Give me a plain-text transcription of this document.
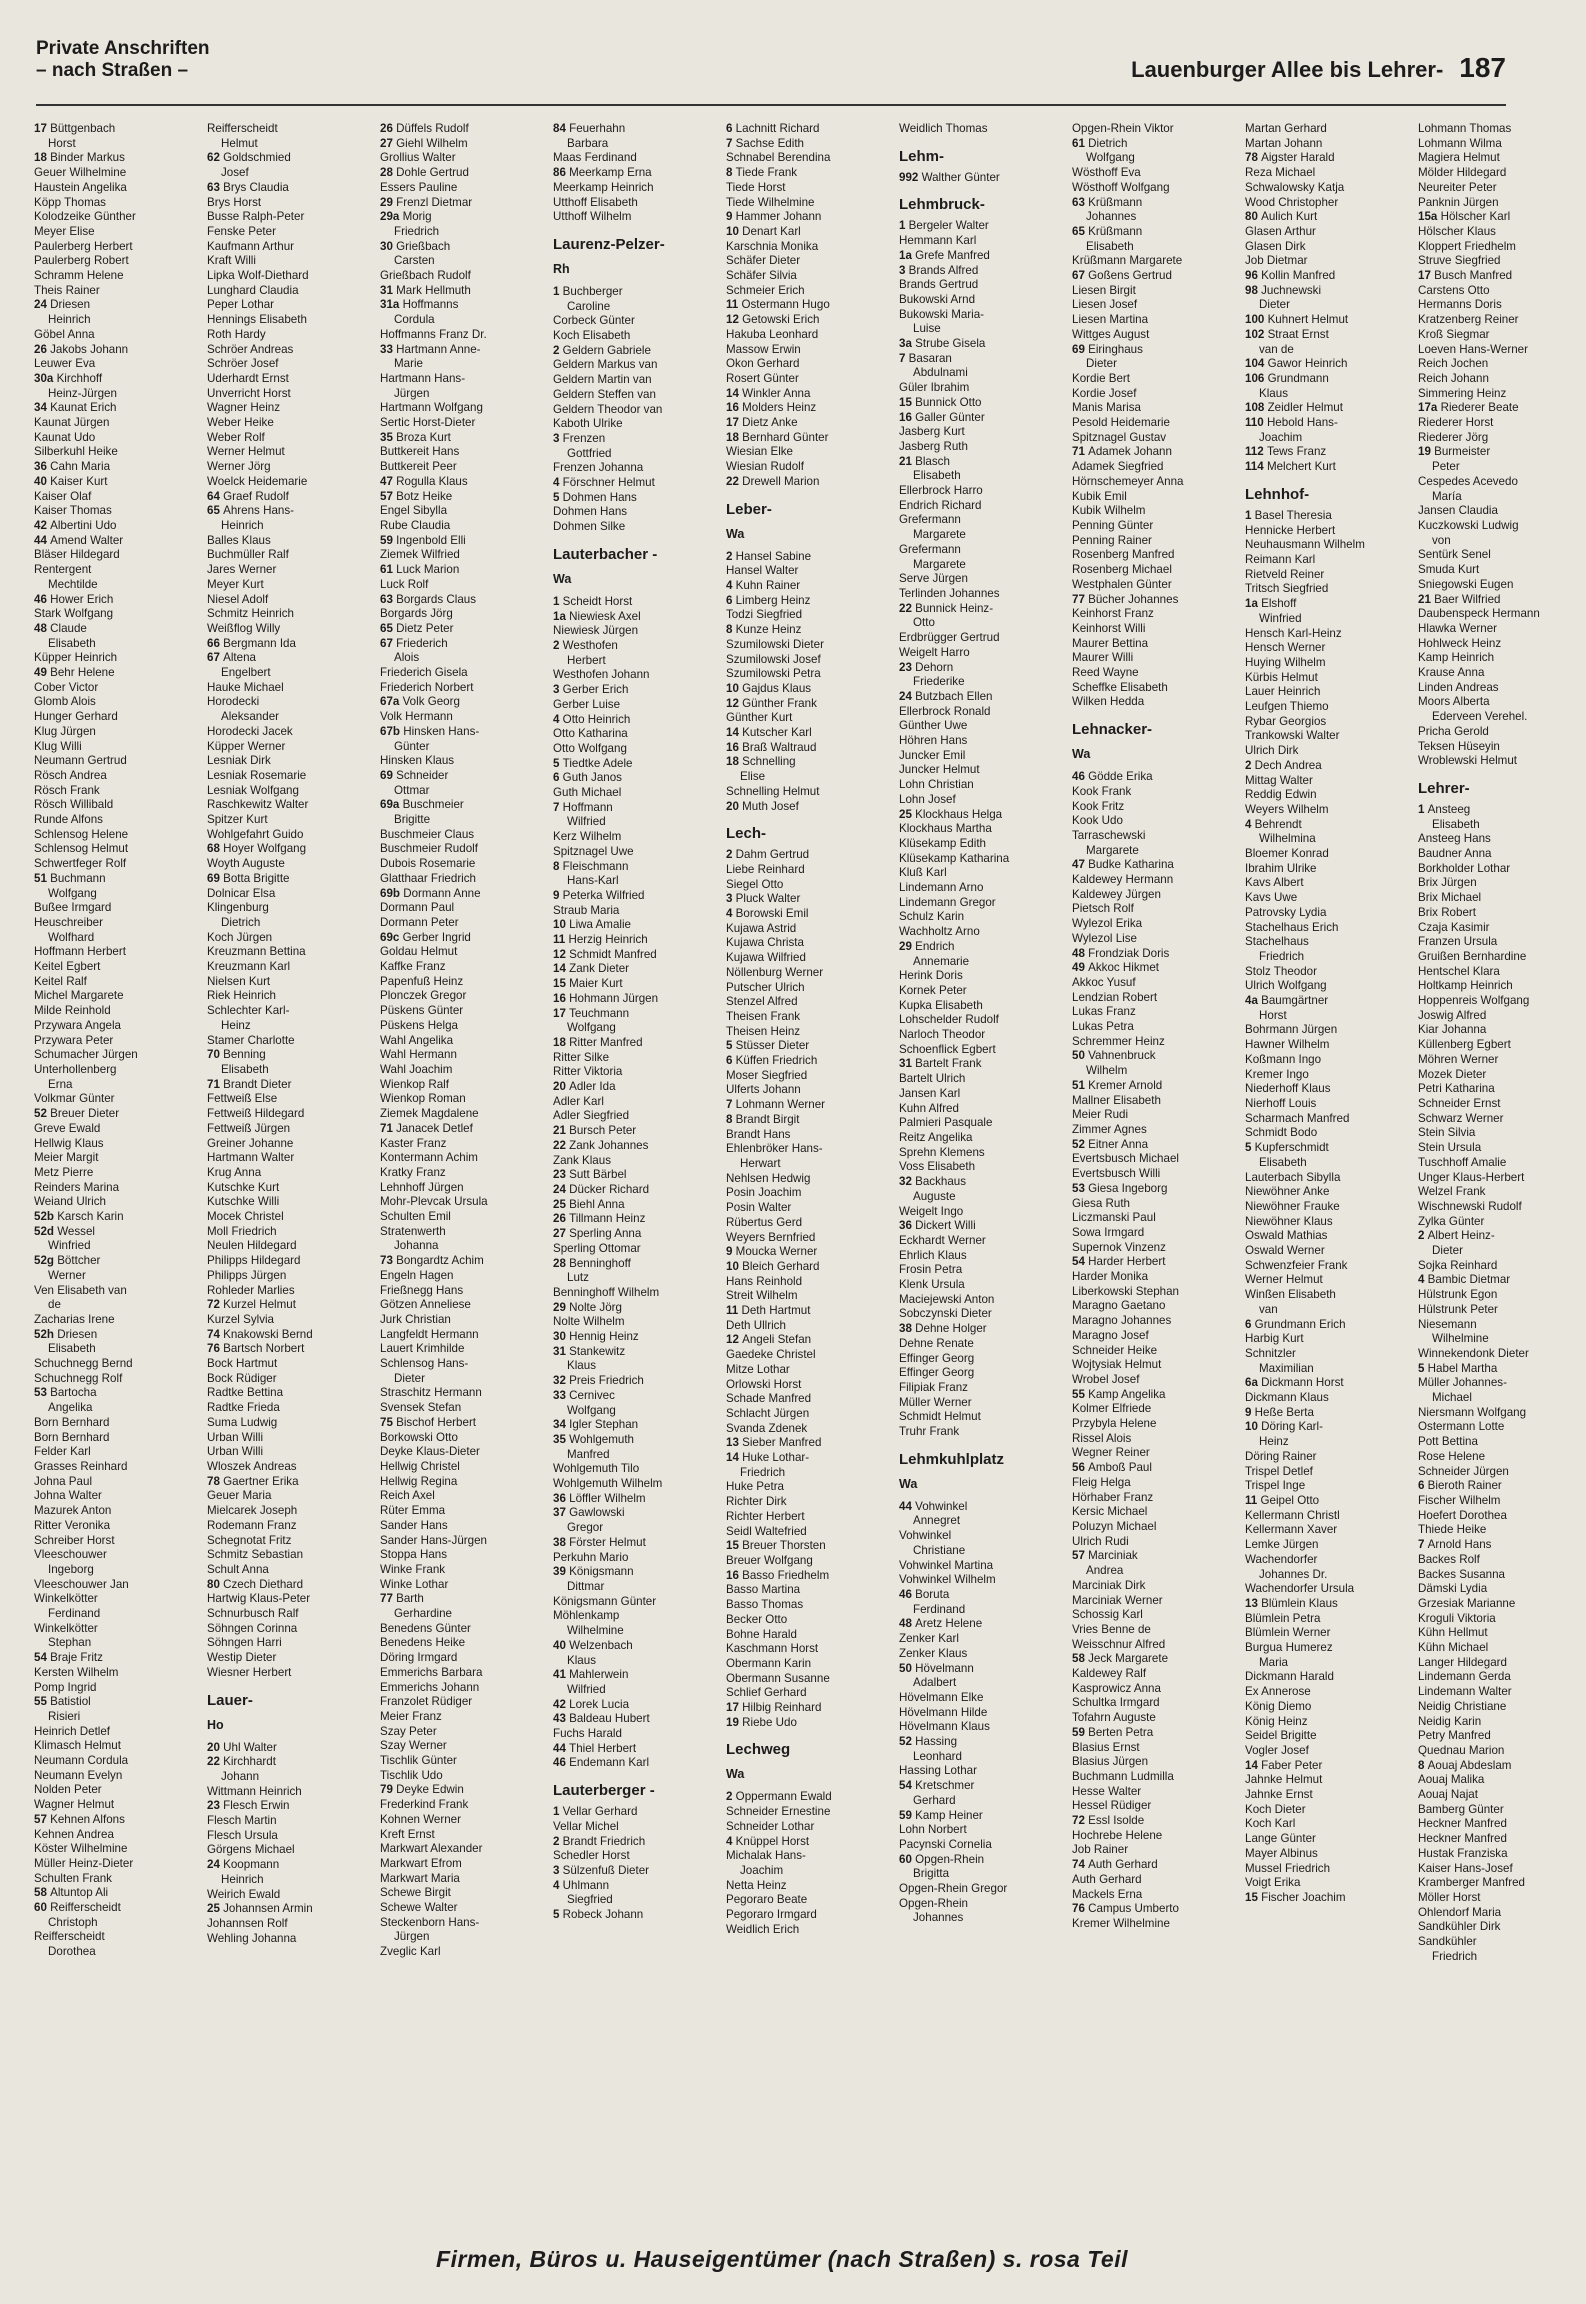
Private Anschriften
– nach Straßen –	Lauenburger Allee bis Lehrer- 187
17 Büttgenbach
Horst
18 Binder Markus
Geuer Wilhelmine
Haustein Angelika
Köpp Thomas
Kolodzeike Günther
Meyer Elise
Paulerberg Herbert
Paulerberg Robert
Schramm Helene
Theis Rainer
24 Driesen
Heinrich
Göbel Anna
26 Jakobs Johann
Leuwer Eva
30a Kirchhoff
Heinz-Jürgen
34 Kaunat Erich
Kaunat Jürgen
Kaunat Udo
Silberkuhl Heike
36 Cahn Maria
40 Kaiser Kurt
Kaiser Olaf
Kaiser Thomas
42 Albertini Udo
44 Amend Walter
Bläser Hildegard
Rentergent
Mechtilde
46 Hower Erich
Stark Wolfgang
48 Claude
Elisabeth
Küpper Heinrich
49 Behr Helene
Cober Victor
Glomb Alois
Hunger Gerhard
Klug Jürgen
Klug Willi
Neumann Gertrud
Rösch Andrea
Rösch Frank
Rösch Willibald
Runde Alfons
Schlensog Helene
Schlensog Helmut
Schwertfeger Rolf
51 Buchmann
Wolfgang
Bußee Irmgard
Heuschreiber
Wolfhard
Hoffmann Herbert
Keitel Egbert
Keitel Ralf
Michel Margarete
Milde Reinhold
Przywara Angela
Przywara Peter
Schumacher Jürgen
Unterhollenberg
Erna
Volkmar Günter
52 Breuer Dieter
Greve Ewald
Hellwig Klaus
Meier Margit
Metz Pierre
Reinders Marina
Weiand Ulrich
52b Karsch Karin
52d Wessel
Winfried
52g Böttcher
Werner
Ven Elisabeth van
de
Zacharias Irene
52h Driesen
Elisabeth
Schuchnegg Bernd
Schuchnegg Rolf
53 Bartocha
Angelika
Born Bernhard
Born Bernhard
Felder Karl
Grasses Reinhard
Johna Paul
Johna Walter
Mazurek Anton
Ritter Veronika
Schreiber Horst
Vleeschouwer
Ingeborg
Vleeschouwer Jan
Winkelkötter
Ferdinand
Winkelkötter
Stephan
54 Braje Fritz
Kersten Wilhelm
Pomp Ingrid
55 Batistiol
Risieri
Heinrich Detlef
Klimasch Helmut
Neumann Cordula
Neumann Evelyn
Nolden Peter
Wagner Helmut
57 Kehnen Alfons
Kehnen Andrea
Köster Wilhelmine
Müller Heinz-Dieter
Schulten Frank
58 Altuntop Ali
60 Reifferscheidt
Christoph
Reifferscheidt
Dorothea
Reifferscheidt
Helmut
62 Goldschmied
Josef
63 Brys Claudia
Brys Horst
Busse Ralph-Peter
Fenske Peter
Kaufmann Arthur
Kraft Willi
Lipka Wolf-Diethard
Lunghard Claudia
Peper Lothar
Hennings Elisabeth
Roth Hardy
Schröer Andreas
Schröer Josef
Uderhardt Ernst
Unverricht Horst
Wagner Heinz
Weber Heike
Weber Rolf
Werner Helmut
Werner Jörg
Woelck Heidemarie
64 Graef Rudolf
65 Ahrens Hans-
Heinrich
Balles Klaus
Buchmüller Ralf
Jares Werner
Meyer Kurt
Niesel Adolf
Schmitz Heinrich
Weißflog Willy
66 Bergmann Ida
67 Altena
Engelbert
Hauke Michael
Horodecki
Aleksander
Horodecki Jacek
Küpper Werner
Lesniak Dirk
Lesniak Rosemarie
Lesniak Wolfgang
Raschkewitz Walter
Spitzer Kurt
Wohlgefahrt Guido
68 Hoyer Wolfgang
Woyth Auguste
69 Botta Brigitte
Dolnicar Elsa
Klingenburg
Dietrich
Koch Jürgen
Kreuzmann Bettina
Kreuzmann Karl
Nielsen Kurt
Riek Heinrich
Schlechter Karl-
Heinz
Stamer Charlotte
70 Benning
Elisabeth
71 Brandt Dieter
Fettweiß Else
Fettweiß Hildegard
Fettweiß Jürgen
Greiner Johanne
Hartmann Walter
Krug Anna
Kutschke Kurt
Kutschke Willi
Mocek Christel
Moll Friedrich
Neulen Hildegard
Philipps Hildegard
Philipps Jürgen
Rohleder Marlies
72 Kurzel Helmut
Kurzel Sylvia
74 Knakowski Bernd
76 Bartsch Norbert
Bock Hartmut
Bock Rüdiger
Radtke Bettina
Radtke Frieda
Suma Ludwig
Urban Willi
Urban Willi
Wloszek Andreas
78 Gaertner Erika
Geuer Maria
Mielcarek Joseph
Rodemann Franz
Schegnotat Fritz
Schmitz Sebastian
Schult Anna
80 Czech Diethard
Hartwig Klaus-Peter
Schnurbusch Ralf
Söhngen Corinna
Söhngen Harri
Westip Dieter
Wiesner Herbert
Lauer-
Ho
20 Uhl Walter
22 Kirchhardt
Johann
Wittmann Heinrich
23 Flesch Erwin
Flesch Martin
Flesch Ursula
Görgens Michael
24 Koopmann
Heinrich
Weirich Ewald
25 Johannsen Armin
Johannsen Rolf
Wehling Johanna
26 Düffels Rudolf
27 Giehl Wilhelm
Grollius Walter
28 Dohle Gertrud
Essers Pauline
29 Frenzl Dietmar
29a Morig
Friedrich
30 Grießbach
Carsten
Grießbach Rudolf
31 Mark Hellmuth
31a Hoffmanns
Cordula
Hoffmanns Franz Dr.
33 Hartmann Anne-
Marie
Hartmann Hans-
Jürgen
Hartmann Wolfgang
Sertic Horst-Dieter
35 Broza Kurt
Buttkereit Hans
Buttkereit Peer
47 Rogulla Klaus
57 Botz Heike
Engel Sibylla
Rube Claudia
59 Ingenbold Elli
Ziemek Wilfried
61 Luck Marion
Luck Rolf
63 Borgards Claus
Borgards Jörg
65 Dietz Peter
67 Friederich
Alois
Friederich Gisela
Friederich Norbert
67a Volk Georg
Volk Hermann
67b Hinsken Hans-
Günter
Hinsken Klaus
69 Schneider
Ottmar
69a Buschmeier
Brigitte
Buschmeier Claus
Buschmeier Rudolf
Dubois Rosemarie
Glatthaar Friedrich
69b Dormann Anne
Dormann Paul
Dormann Peter
69c Gerber Ingrid
Goldau Helmut
Kaffke Franz
Papenfuß Heinz
Plonczek Gregor
Püskens Günter
Püskens Helga
Wahl Angelika
Wahl Hermann
Wahl Joachim
Wienkop Ralf
Wienkop Roman
Ziemek Magdalene
71 Janacek Detlef
Kaster Franz
Kontermann Achim
Kratky Franz
Lehnhoff Jürgen
Mohr-Plevcak Ursula
Schulten Emil
Stratenwerth
Johanna
73 Bongardtz Achim
Engeln Hagen
Frießnegg Hans
Götzen Anneliese
Jurk Christian
Langfeldt Hermann
Lauert Krimhilde
Schlensog Hans-
Dieter
Straschitz Hermann
Svensek Stefan
75 Bischof Herbert
Borkowski Otto
Deyke Klaus-Dieter
Hellwig Christel
Hellwig Regina
Reich Axel
Rüter Emma
Sander Hans
Sander Hans-Jürgen
Stoppa Hans
Winke Frank
Winke Lothar
77 Barth
Gerhardine
Benedens Günter
Benedens Heike
Döring Irmgard
Emmerichs Barbara
Emmerichs Johann
Franzolet Rüdiger
Meier Franz
Szay Peter
Szay Werner
Tischlik Günter
Tischlik Udo
79 Deyke Edwin
Frederkind Frank
Kohnen Werner
Kreft Ernst
Markwart Alexander
Markwart Efrom
Markwart Maria
Schewe Birgit
Schewe Walter
Steckenborn Hans-
Jürgen
Zveglic Karl
84 Feuerhahn
Barbara
Maas Ferdinand
86 Meerkamp Erna
Meerkamp Heinrich
Utthoff Elisabeth
Utthoff Wilhelm
Laurenz-Pelzer-
Rh
1 Buchberger
Caroline
Corbeck Günter
Koch Elisabeth
2 Geldern Gabriele
Geldern Markus van
Geldern Martin van
Geldern Steffen van
Geldern Theodor van
Kaboth Ulrike
3 Frenzen
Gottfried
Frenzen Johanna
4 Förschner Helmut
5 Dohmen Hans
Dohmen Hans
Dohmen Silke
Lauterbacher -
Wa
1 Scheidt Horst
1a Niewiesk Axel
Niewiesk Jürgen
2 Westhofen
Herbert
Westhofen Johann
3 Gerber Erich
Gerber Luise
4 Otto Heinrich
Otto Katharina
Otto Wolfgang
5 Tiedtke Adele
6 Guth Janos
Guth Michael
7 Hoffmann
Wilfried
Kerz Wilhelm
Spitznagel Uwe
8 Fleischmann
Hans-Karl
9 Peterka Wilfried
Straub Maria
10 Liwa Amalie
11 Herzig Heinrich
12 Schmidt Manfred
14 Zank Dieter
15 Maier Kurt
16 Hohmann Jürgen
17 Teuchmann
Wolfgang
18 Ritter Manfred
Ritter Silke
Ritter Viktoria
20 Adler Ida
Adler Karl
Adler Siegfried
21 Bursch Peter
22 Zank Johannes
Zank Klaus
23 Sutt Bärbel
24 Dücker Richard
25 Biehl Anna
26 Tillmann Heinz
27 Sperling Anna
Sperling Ottomar
28 Benninghoff
Lutz
Benninghoff Wilhelm
29 Nolte Jörg
Nolte Wilhelm
30 Hennig Heinz
31 Stankewitz
Klaus
32 Preis Friedrich
33 Cernivec
Wolfgang
34 Igler Stephan
35 Wohlgemuth
Manfred
Wohlgemuth Tilo
Wohlgemuth Wilhelm
36 Löffler Wilhelm
37 Gawlowski
Gregor
38 Förster Helmut
Perkuhn Mario
39 Königsmann
Dittmar
Königsmann Günter
Möhlenkamp
Wilhelmine
40 Welzenbach
Klaus
41 Mahlerwein
Wilfried
42 Lorek Lucia
43 Baldeau Hubert
Fuchs Harald
44 Thiel Herbert
46 Endemann Karl
Lauterberger -
1 Vellar Gerhard
Vellar Michel
2 Brandt Friedrich
Schedler Horst
3 Sülzenfuß Dieter
4 Uhlmann
Siegfried
5 Robeck Johann
6 Lachnitt Richard
7 Sachse Edith
Schnabel Berendina
8 Tiede Frank
Tiede Horst
Tiede Wilhelmine
9 Hammer Johann
10 Denart Karl
Karschnia Monika
Schäfer Dieter
Schäfer Silvia
Schmeier Erich
11 Ostermann Hugo
12 Getowski Erich
Hakuba Leonhard
Massow Erwin
Okon Gerhard
Rosert Günter
14 Winkler Anna
16 Molders Heinz
17 Dietz Anke
18 Bernhard Günter
Wiesian Elke
Wiesian Rudolf
22 Drewell Marion
Leber-
Wa
2 Hansel Sabine
Hansel Walter
4 Kuhn Rainer
6 Limberg Heinz
Todzi Siegfried
8 Kunze Heinz
Szumilowski Dieter
Szumilowski Josef
Szumilowski Petra
10 Gajdus Klaus
12 Günther Frank
Günther Kurt
14 Kutscher Karl
16 Braß Waltraud
18 Schnelling
Elise
Schnelling Helmut
20 Muth Josef
Lech-
2 Dahm Gertrud
Liebe Reinhard
Siegel Otto
3 Pluck Walter
4 Borowski Emil
Kujawa Astrid
Kujawa Christa
Kujawa Wilfried
Nöllenburg Werner
Putscher Ulrich
Stenzel Alfred
Theisen Frank
Theisen Heinz
5 Stüsser Dieter
6 Küffen Friedrich
Moser Siegfried
Ulferts Johann
7 Lohmann Werner
8 Brandt Birgit
Brandt Hans
Ehlenbröker Hans-
Herwart
Nehlsen Hedwig
Posin Joachim
Posin Walter
Rübertus Gerd
Weyers Bernfried
9 Moucka Werner
10 Bleich Gerhard
Hans Reinhold
Streit Wilhelm
11 Deth Hartmut
Deth Ullrich
12 Angeli Stefan
Gaedeke Christel
Mitze Lothar
Orlowski Horst
Schade Manfred
Schlacht Jürgen
Svanda Zdenek
13 Sieber Manfred
14 Huke Lothar-
Friedrich
Huke Petra
Richter Dirk
Richter Herbert
Seidl Waltefried
15 Breuer Thorsten
Breuer Wolfgang
16 Basso Friedhelm
Basso Martina
Basso Thomas
Becker Otto
Bohne Harald
Kaschmann Horst
Obermann Karin
Obermann Susanne
Schlief Gerhard
17 Hilbig Reinhard
19 Riebe Udo
Lechweg
Wa
2 Oppermann Ewald
Schneider Ernestine
Schneider Lothar
4 Knüppel Horst
Michalak Hans-
Joachim
Netta Heinz
Pegoraro Beate
Pegoraro Irmgard
Weidlich Erich
Weidlich Thomas
Lehm-
992 Walther Günter
Lehmbruck-
1 Bergeler Walter
Hemmann Karl
1a Grefe Manfred
3 Brands Alfred
Brands Gertrud
Bukowski Arnd
Bukowski Maria-
Luise
3a Strube Gisela
7 Basaran
Abdulnami
Güler Ibrahim
15 Bunnick Otto
16 Galler Günter
Jasberg Kurt
Jasberg Ruth
21 Blasch
Elisabeth
Ellerbrock Harro
Endrich Richard
Grefermann
Margarete
Grefermann
Margarete
Serve Jürgen
Terlinden Johannes
22 Bunnick Heinz-
Otto
Erdbrügger Gertrud
Weigelt Harro
23 Dehorn
Friederike
24 Butzbach Ellen
Ellerbrock Ronald
Günther Uwe
Höhren Hans
Juncker Emil
Juncker Helmut
Lohn Christian
Lohn Josef
25 Klockhaus Helga
Klockhaus Martha
Klüsekamp Edith
Klüsekamp Katharina
Kluß Karl
Lindemann Arno
Lindemann Gregor
Schulz Karin
Wachholtz Arno
29 Endrich
Annemarie
Herink Doris
Kornek Peter
Kupka Elisabeth
Lohschelder Rudolf
Narloch Theodor
Schoenflick Egbert
31 Bartelt Frank
Bartelt Ulrich
Jansen Karl
Kuhn Alfred
Palmieri Pasquale
Reitz Angelika
Sprehn Klemens
Voss Elisabeth
32 Backhaus
Auguste
Weigelt Ingo
36 Dickert Willi
Eckhardt Werner
Ehrlich Klaus
Frosin Petra
Klenk Ursula
Maciejewski Anton
Sobczynski Dieter
38 Dehne Holger
Dehne Renate
Effinger Georg
Effinger Georg
Filipiak Franz
Müller Werner
Schmidt Helmut
Truhr Frank
Lehmkuhlplatz
Wa
44 Vohwinkel
Annegret
Vohwinkel
Christiane
Vohwinkel Martina
Vohwinkel Wilhelm
46 Boruta
Ferdinand
48 Aretz Helene
Zenker Karl
Zenker Klaus
50 Hövelmann
Adalbert
Hövelmann Elke
Hövelmann Hilde
Hövelmann Klaus
52 Hassing
Leonhard
Hassing Lothar
54 Kretschmer
Gerhard
59 Kamp Heiner
Lohn Norbert
Pacynski Cornelia
60 Opgen-Rhein
Brigitta
Opgen-Rhein Gregor
Opgen-Rhein
Johannes
Opgen-Rhein Viktor
61 Dietrich
Wolfgang
Wösthoff Eva
Wösthoff Wolfgang
63 Krüßmann
Johannes
65 Krüßmann
Elisabeth
Krüßmann Margarete
67 Goßens Gertrud
Liesen Birgit
Liesen Josef
Liesen Martina
Wittges August
69 Eiringhaus
Dieter
Kordie Bert
Kordie Josef
Manis Marisa
Pesold Heidemarie
Spitznagel Gustav
71 Adamek Johann
Adamek Siegfried
Hörnschemeyer Anna
Kubik Emil
Kubik Wilhelm
Penning Günter
Penning Rainer
Rosenberg Manfred
Rosenberg Michael
Westphalen Günter
77 Bücher Johannes
Keinhorst Franz
Keinhorst Willi
Maurer Bettina
Maurer Willi
Reed Wayne
Scheffke Elisabeth
Wilken Hedda
Lehnacker-
Wa
46 Gödde Erika
Kook Frank
Kook Fritz
Kook Udo
Tarraschewski
Margarete
47 Budke Katharina
Kaldewey Hermann
Kaldewey Jürgen
Pietsch Rolf
Wylezol Erika
Wylezol Lise
48 Frondziak Doris
49 Akkoc Hikmet
Akkoc Yusuf
Lendzian Robert
Lukas Franz
Lukas Petra
Schremmer Heinz
50 Vahnenbruck
Wilhelm
51 Kremer Arnold
Mallner Elisabeth
Meier Rudi
Zimmer Agnes
52 Eitner Anna
Evertsbusch Michael
Evertsbusch Willi
53 Giesa Ingeborg
Giesa Ruth
Liczmanski Paul
Sowa Irmgard
Supernok Vinzenz
54 Harder Herbert
Harder Monika
Liberkowski Stephan
Maragno Gaetano
Maragno Johannes
Maragno Josef
Schneider Heike
Wojtysiak Helmut
Wrobel Josef
55 Kamp Angelika
Kolmer Elfriede
Przybyla Helene
Rissel Alois
Wegner Reiner
56 Amboß Paul
Fleig Helga
Hörhaber Franz
Kersic Michael
Poluzyn Michael
Ulrich Rudi
57 Marciniak
Andrea
Marciniak Dirk
Marciniak Werner
Schossig Karl
Vries Benne de
Weisschnur Alfred
58 Jeck Margarete
Kaldewey Ralf
Kasprowicz Anna
Schultka Irmgard
Tofahrn Auguste
59 Berten Petra
Blasius Ernst
Blasius Jürgen
Buchmann Ludmilla
Hesse Walter
Hessel Rüdiger
72 Essl Isolde
Hochrebe Helene
Job Rainer
74 Auth Gerhard
Auth Gerhard
Mackels Erna
76 Campus Umberto
Kremer Wilhelmine
Martan Gerhard
Martan Johann
78 Aigster Harald
Reza Michael
Schwalowsky Katja
Wood Christopher
80 Aulich Kurt
Glasen Arthur
Glasen Dirk
Job Dietmar
96 Kollin Manfred
98 Juchnewski
Dieter
100 Kuhnert Helmut
102 Straat Ernst
van de
104 Gawor Heinrich
106 Grundmann
Klaus
108 Zeidler Helmut
110 Hebold Hans-
Joachim
112 Tews Franz
114 Melchert Kurt
Lehnhof-
1 Basel Theresia
Hennicke Herbert
Neuhausmann Wilhelm
Reimann Karl
Rietveld Reiner
Tritsch Siegfried
1a Elshoff
Winfried
Hensch Karl-Heinz
Hensch Werner
Huying Wilhelm
Kürbis Helmut
Lauer Heinrich
Leufgen Thiemo
Rybar Georgios
Trankowski Walter
Ulrich Dirk
2 Dech Andrea
Mittag Walter
Reddig Edwin
Weyers Wilhelm
4 Behrendt
Wilhelmina
Bloemer Konrad
Ibrahim Ulrike
Kavs Albert
Kavs Uwe
Patrovsky Lydia
Stachelhaus Erich
Stachelhaus
Friedrich
Stolz Theodor
Ulrich Wolfgang
4a Baumgärtner
Horst
Bohrmann Jürgen
Hawner Wilhelm
Koßmann Ingo
Kremer Ingo
Niederhoff Klaus
Nierhoff Louis
Scharmach Manfred
Schmidt Bodo
5 Kupferschmidt
Elisabeth
Lauterbach Sibylla
Niewöhner Anke
Niewöhner Frauke
Niewöhner Klaus
Oswald Mathias
Oswald Werner
Schwenzfeier Frank
Werner Helmut
Winßen Elisabeth
van
6 Grundmann Erich
Harbig Kurt
Schnitzler
Maximilian
6a Dickmann Horst
Dickmann Klaus
9 Heße Berta
10 Döring Karl-
Heinz
Döring Rainer
Trispel Detlef
Trispel Inge
11 Geipel Otto
Kellermann Christl
Kellermann Xaver
Lemke Jürgen
Wachendorfer
Johannes Dr.
Wachendorfer Ursula
13 Blümlein Klaus
Blümlein Petra
Blümlein Werner
Burgua Humerez
Maria
Dickmann Harald
Ex Annerose
König Diemo
König Heinz
Seidel Brigitte
Vogler Josef
14 Faber Peter
Jahnke Helmut
Jahnke Ernst
Koch Dieter
Koch Karl
Lange Günter
Mayer Albinus
Mussel Friedrich
Voigt Erika
15 Fischer Joachim
Lohmann Thomas
Lohmann Wilma
Magiera Helmut
Mölder Hildegard
Neureiter Peter
Panknin Jürgen
15a Hölscher Karl
Hölscher Klaus
Kloppert Friedhelm
Struve Siegfried
17 Busch Manfred
Carstens Otto
Hermanns Doris
Kratzenberg Reiner
Kroß Siegmar
Loeven Hans-Werner
Reich Jochen
Reich Johann
Simmering Heinz
17a Riederer Beate
Riederer Horst
Riederer Jörg
19 Burmeister
Peter
Cespedes Acevedo
María
Jansen Claudia
Kuczkowski Ludwig
von
Sentürk Senel
Smuda Kurt
Sniegowski Eugen
21 Baer Wilfried
Daubenspeck Hermann
Hlawka Werner
Hohlweck Heinz
Kamp Heinrich
Krause Anna
Linden Andreas
Moors Alberta
Ederveen Verehel.
Pricha Gerold
Teksen Hüseyin
Wroblewski Helmut
Lehrer-
1 Ansteeg
Elisabeth
Ansteeg Hans
Baudner Anna
Borkholder Lothar
Brix Jürgen
Brix Michael
Brix Robert
Czaja Kasimir
Franzen Ursula
Gruißen Bernhardine
Hentschel Klara
Holtkamp Heinrich
Hoppenreis Wolfgang
Joswig Alfred
Kiar Johanna
Küllenberg Egbert
Möhren Werner
Mozek Dieter
Petri Katharina
Schneider Ernst
Schwarz Werner
Stein Silvia
Stein Ursula
Tuschhoff Amalie
Unger Klaus-Herbert
Welzel Frank
Wischnewski Rudolf
Zylka Günter
2 Albert Heinz-
Dieter
Sojka Reinhard
4 Bambic Dietmar
Hülstrunk Egon
Hülstrunk Peter
Niesemann
Wilhelmine
Winnekendonk Dieter
5 Habel Martha
Müller Johannes-
Michael
Niersmann Wolfgang
Ostermann Lotte
Pott Bettina
Rose Helene
Schneider Jürgen
6 Bieroth Rainer
Fischer Wilhelm
Hoefert Dorothea
Thiede Heike
7 Arnold Hans
Backes Rolf
Backes Susanna
Dämski Lydia
Grzesiak Marianne
Kroguli Viktoria
Kühn Hellmut
Kühn Michael
Langer Hildegard
Lindemann Gerda
Lindemann Walter
Neidig Christiane
Neidig Karin
Petry Manfred
Quednau Marion
8 Aouaj Abdeslam
Aouaj Malika
Aouaj Najat
Bamberg Günter
Heckner Manfred
Heckner Manfred
Hustak Franziska
Kaiser Hans-Josef
Kramberger Manfred
Möller Horst
Ohlendorf Maria
Sandkühler Dirk
Sandkühler
Friedrich
Firmen, Büros u. Hauseigentümer (nach Straßen) s. rosa Teil
